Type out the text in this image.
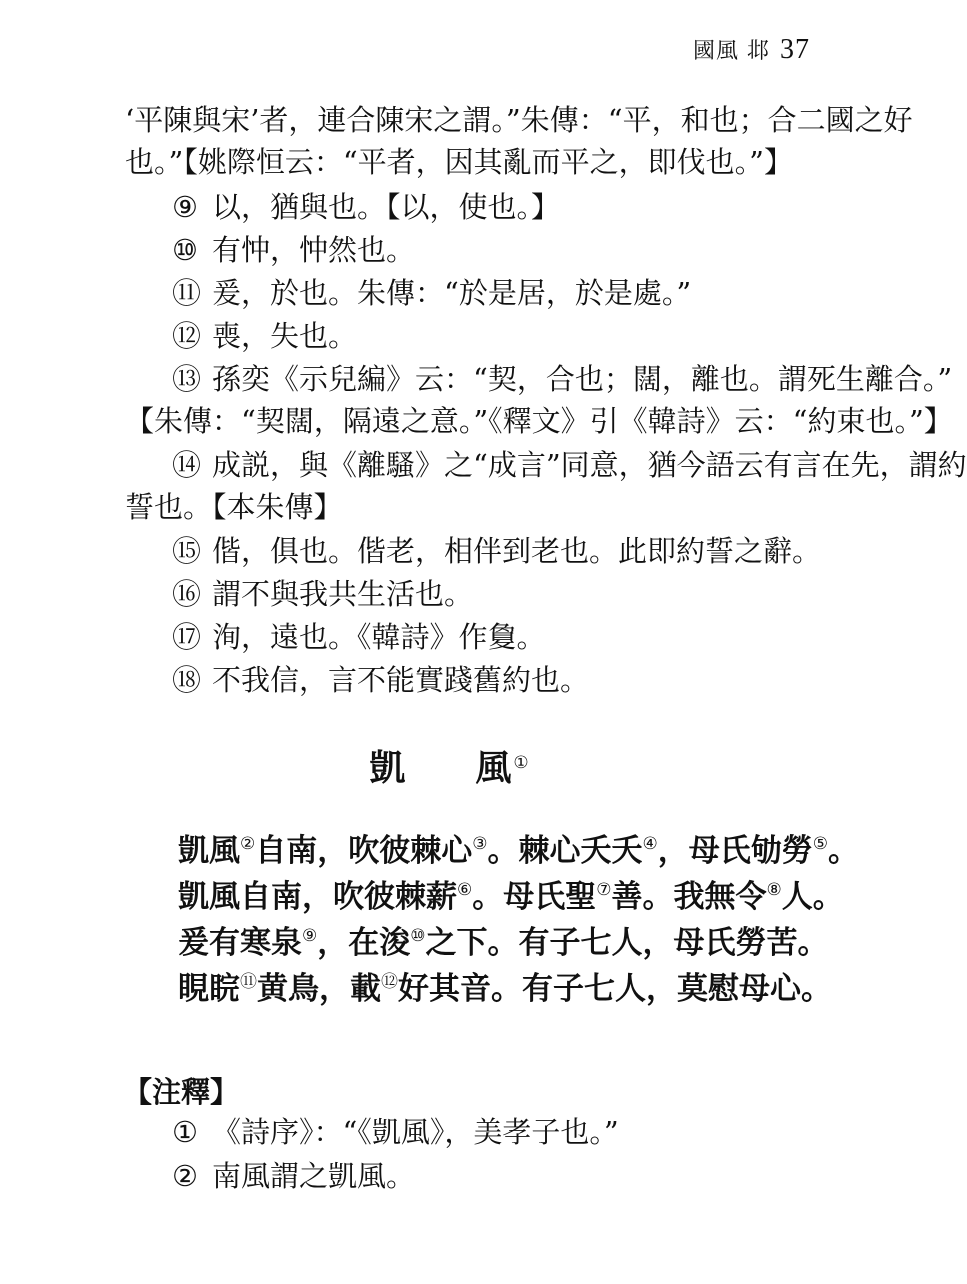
國風 邶 37
‘平陳與宋’者，連合陳宋之謂。”朱傳：“平，和也；合二國之好
也。”【姚際恒云：“平者，因其亂而平之，即伐也。”】
⑨ 以，猶與也。【以，使也。】
⑩ 有忡，忡然也。
⑪ 爰，於也。朱傳：“於是居，於是處。”
⑫ 喪，失也。
⑬ 孫奕《示兒編》云：“契，合也；闊，離也。謂死生離合。”
【朱傳：“契闊，隔遠之意。”《釋文》引《韓詩》云：“約束也。”】
⑭ 成説，與《離騷》之“成言”同意，猶今語云有言在先，謂約
誓也。【本朱傳】
⑮ 偕，俱也。偕老，相伴到老也。此即約誓之辭。
⑯ 謂不與我共生活也。
⑰ 洵，遠也。《韓詩》作敻。
⑱ 不我信，言不能實踐舊約也。
凱 風①
凱風②自南，吹彼棘心③。棘心夭夭④，母氏劬勞⑤。
凱風自南，吹彼棘薪⑥。母氏聖⑦善。我無令⑧人。
爰有寒泉⑨，在浚⑩之下。有子七人，母氏勞苦。
睍睆⑪黄鳥，載⑫好其音。有子七人，莫慰母心。
【注釋】
① 《詩序》：“《凱風》，美孝子也。”
② 南風謂之凱風。
